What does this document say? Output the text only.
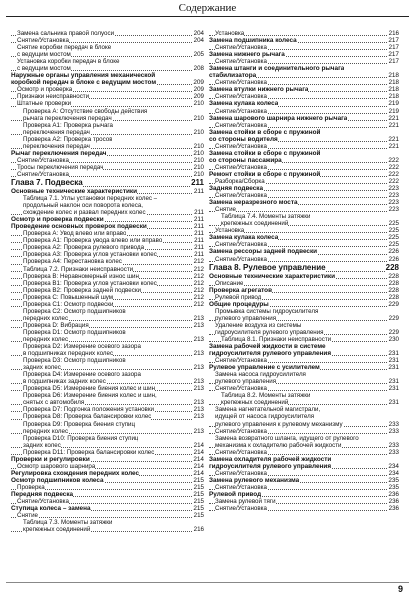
Содержание
Замена сальника правой полуоси	204
Снятие/Установка	204
Снятие коробки передач в блоке
с ведущим мостом	205
Установка коробки передач в блоке
с ведущим мостом	208
Наружные органы управления механической
коробкой передач в блоке с ведущим мостом	209
Осмотр и проверка	209
Признаки неисправности	209
Штатные проверки	210
Проверка А: Отсутствие свободы действия
рычага переключения передач	210
Проверка А1: Проверка рычага
переключения передач	210
Проверка А2: Проверка тросов
переключения передач	210
Рычаг переключения передач	210
Снятие/Установка	210
Тросы переключения передач	210
Снятие/Установка	210
Глава 7. Подвеска	211
Основные технические характеристики	211
Таблица 7.1. Углы установки передних колес –
продольный наклон оси поворота колеса,
схождение колес и развал передних колес	211
Осмотр и проверка подвески	211
Проведение основных проверок подвески	211
Проверка А: Увод влево или вправо	211
Проверка А1: Проверка увода влево или вправо	211
Проверка А2: Проверка рулевого привода	211
Проверка А3: Проверка углов установки колес	211
Проверка А4: Перестановка колес	212
Таблица 7.2. Признаки неисправности	212
Проверка В: Неравномерный износ шин	212
Проверка В1: Проверка углов установки колес	212
Проверка В2: Проверка задней подвески	212
Проверка С: Повышенный шум	212
Проверка С1: Осмотр подвески	212
Проверка С2: Осмотр подшипников
передних колес	213
Проверка D: Вибрация	213
Проверка D1: Осмотр подшипников
передних колес	213
Проверка D2: Измерение осевого зазора
в подшипниках передних колес	213
Проверка D3: Осмотр подшипников
задних колес	213
Проверка D4: Измерение осевого зазора
в подшипниках задних колес	213
Проверка D5: Измерение биения колес и шин	213
Проверка D6: Измерение биения колес и шин,
снятых с автомобиля	213
Проверка D7: Подгонка положения установки	213
Проверка D8: Проверка балансировки колес	213
Проверка D9: Проверка биения ступиц
передних колес	213
Проверка D10: Проверка биения ступиц
задних колес	214
Проверка D11: Проверка балансировки колес	214
Проверки и регулировки	214
Осмотр шарового шарнира	214
Регулировка схождения передних колес	214
Осмотр подшипников колеса	215
Проверка	215
Передняя подвеска	215
Снятие/Установка	215
Ступица колеса – замена	215
Снятие	215
Таблица 7.3. Моменты затяжки
крепежных соединений	216
Установка	216
Замена подшипника колеса	217
Снятие/Установка	217
Замена нижнего рычага	217
Снятие/Установка	217
Замена штанги и соединительного рычага
стабилизатора	218
Снятие/Установка	218
Замена втулки нижнего рычага	218
Снятие/Установка	218
Замена кулака колеса	219
Снятие/Установка	219
Замена шарового шарнира нижнего рычага	221
Снятие/Установка	221
Замена стойки в сборе с пружиной
со стороны водителя	221
Снятие/Установка	221
Замена стойки в сборе с пружиной
со стороны пассажира	222
Снятие/Установка	222
Ремонт стойки в сборе с пружиной	222
Разборка/Сборка	222
Задняя подвеска	223
Снятие/Установка	223
Замена неразрезного моста	223
Снятие	223
Таблица 7.4. Моменты затяжки
крепежных соединений	225
Установка	225
Замена кулака колеса	225
Снятие/Установка	225
Замена рессоры задней подвески	226
Снятие/Установка	226
Глава 8. Рулевое управление	228
Основные технические характеристики	228
Описание	228
Проверка агрегатов	228
Рулевой привод	228
Общие процедуры	229
Промывка системы гидроусилителя
рулевого управления	229
Удаление воздуха из системы
гидроусилителя рулевого управления	229
Таблица 8.1. Признаки неисправности	230
Замена рабочей жидкости в системе
гидроусилителя рулевого управления	231
Снятие/Установка	231
Рулевое управление с усилителем	231
Замена насоса гидроусилителя
рулевого управления	231
Снятие/Установка	231
Таблица 8.2. Моменты затяжки
крепежных соединений	231
Замена нагнетательной магистрали,
идущей от насоса гидроусилителя
рулевого управления к рулевому механизму	233
Снятие/Установка	233
Замена возвратного шланга, идущего от рулевого
механизма к охладителю рабочей жидкости	233
Снятие/Установка	233
Замена охладителя рабочей жидкости
гидроусилителя рулевого управления	234
Снятие/Установка	234
Замена рулевого механизма	235
Снятие/Установка	235
Рулевой привод	236
Замена рулевой тяги	236
Снятие/Установка	236
9
